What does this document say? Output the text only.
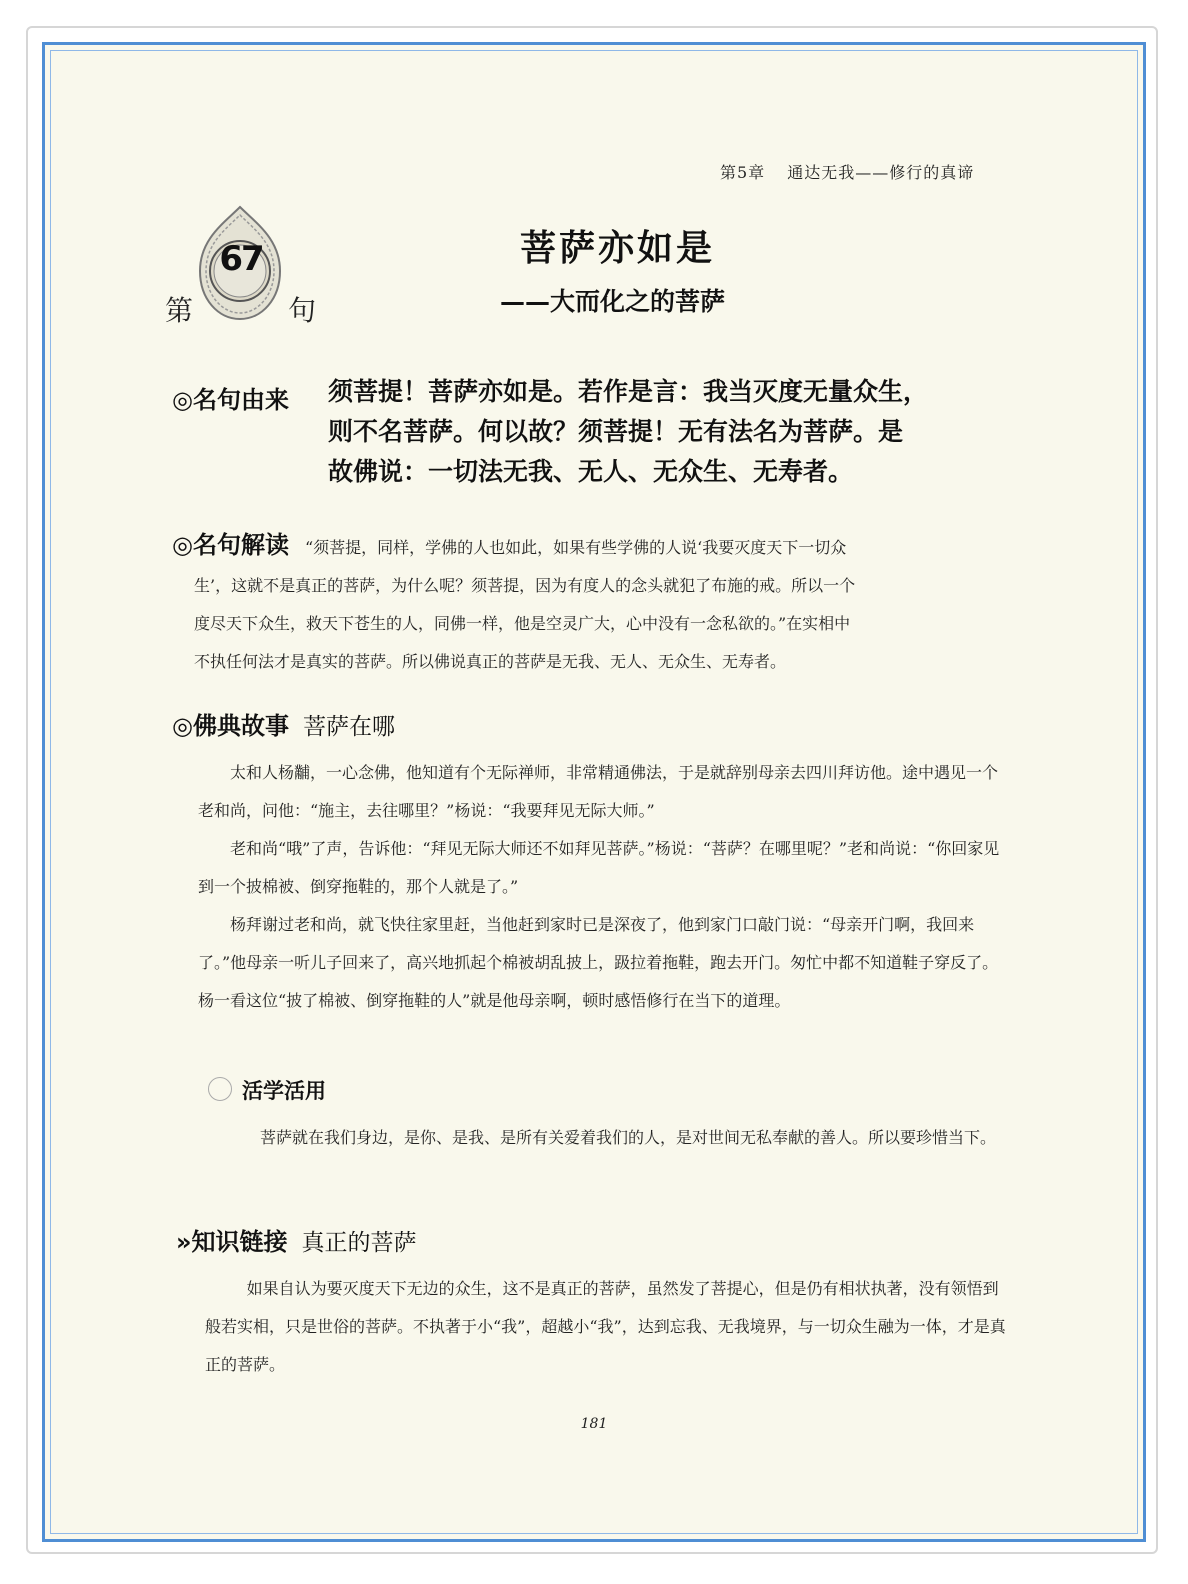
第5章 通达无我——修行的真谛
第
67
句
菩萨亦如是
——大而化之的菩萨
◎名句由来 须菩提！菩萨亦如是。若作是言：我当灭度无量众生，

则不名菩萨。何以故？须菩提！无有法名为菩萨。是

故佛说：一切法无我、无人、无众生、无寿者。

◎名句解读 “须菩提，同样，学佛的人也如此，如果有些学佛的人说‘我要灭度天下一切众

生’，这就不是真正的菩萨，为什么呢？须菩提，因为有度人的念头就犯了布施的戒。所以一个

度尽天下众生，救天下苍生的人，同佛一样，他是空灵广大，心中没有一念私欲的。”在实相中

不执任何法才是真实的菩萨。所以佛说真正的菩萨是无我、无人、无众生、无寿者。

◎佛典故事 菩萨在哪

太和人杨黼，一心念佛，他知道有个无际禅师，非常精通佛法，于是就辞别母亲去四川拜访他。途中遇见一个老和尚，问他：“施主，去往哪里？”杨说：“我要拜见无际大师。”

老和尚“哦”了声，告诉他：“拜见无际大师还不如拜见菩萨。”杨说：“菩萨？在哪里呢？”老和尚说：“你回家见到一个披棉被、倒穿拖鞋的，那个人就是了。”

杨拜谢过老和尚，就飞快往家里赶，当他赶到家时已是深夜了，他到家门口敲门说：“母亲开门啊，我回来了。”他母亲一听儿子回来了，高兴地抓起个棉被胡乱披上，趿拉着拖鞋，跑去开门。匆忙中都不知道鞋子穿反了。杨一看这位“披了棉被、倒穿拖鞋的人”就是他母亲啊，顿时感悟修行在当下的道理。

活学活用

菩萨就在我们身边，是你、是我、是所有关爱着我们的人，是对世间无私奉献的善人。所以要珍惜当下。

»知识链接 真正的菩萨

如果自认为要灭度天下无边的众生，这不是真正的菩萨，虽然发了菩提心，但是仍有相状执著，没有领悟到般若实相，只是世俗的菩萨。不执著于小“我”，超越小“我”，达到忘我、无我境界，与一切众生融为一体，才是真正的菩萨。

181
